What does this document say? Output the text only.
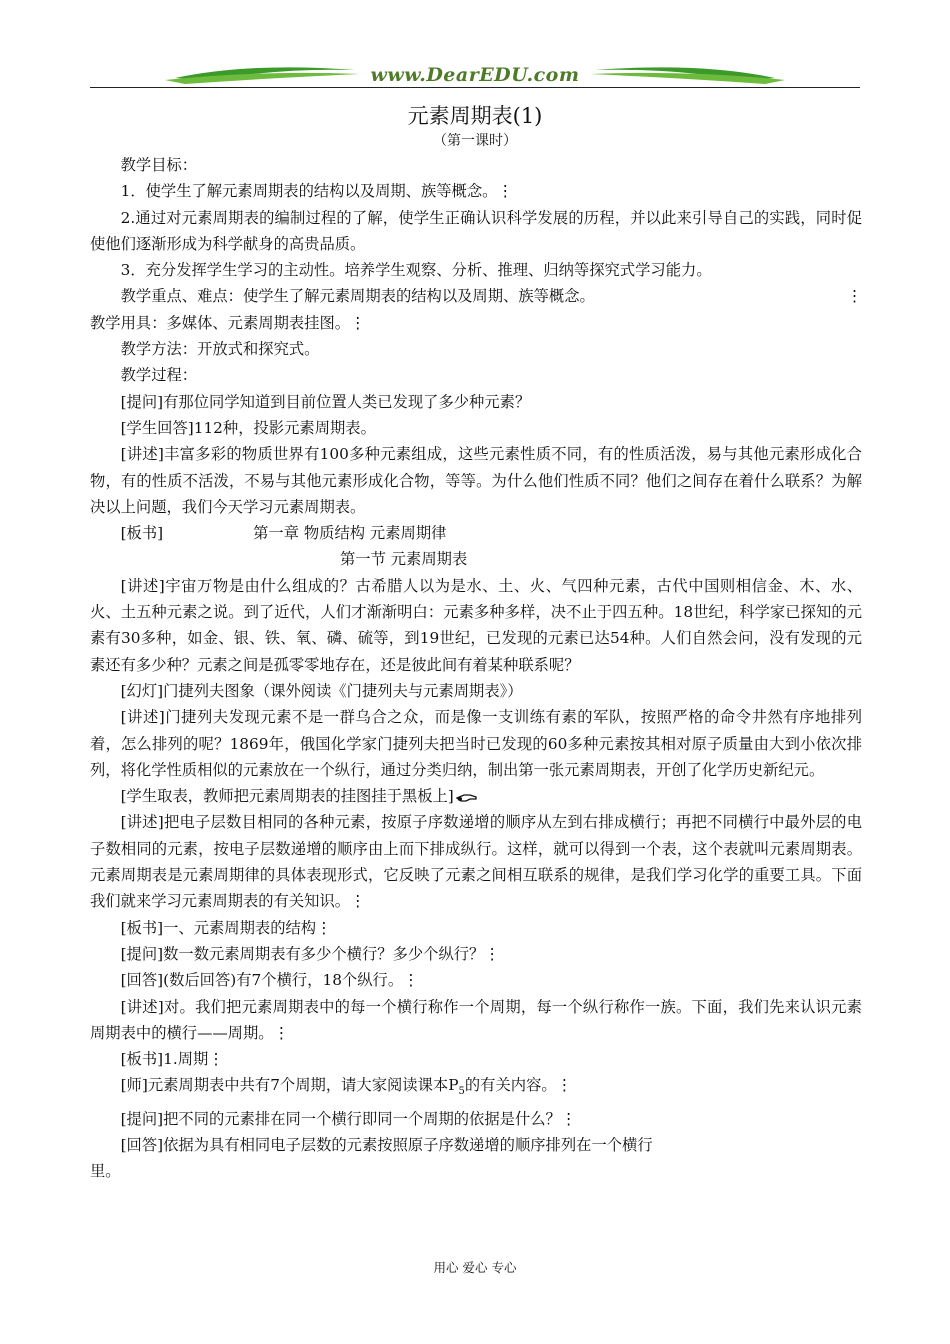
www.DearEDU.com
元素周期表(1)
（第一课时）

教学目标：

1．使学生了解元素周期表的结构以及周期、族等概念。⋮

2.通过对元素周期表的编制过程的了解，使学生正确认识科学发展的历程，并以此来引导自己的实践，同时促使他们逐渐形成为科学献身的高贵品质。

3．充分发挥学生学习的主动性。培养学生观察、分析、推理、归纳等探究式学习能力。

教学重点、难点：使学生了解元素周期表的结构以及周期、族等概念。	⋮

教学用具：多媒体、元素周期表挂图。⋮

教学方法：开放式和探究式。

教学过程：

[提问]有那位同学知道到目前位置人类已发现了多少种元素？

[学生回答]112种，投影元素周期表。

[讲述]丰富多彩的物质世界有100多种元素组成，这些元素性质不同，有的性质活泼，易与其他元素形成化合物，有的性质不活泼，不易与其他元素形成化合物，等等。为什么他们性质不同？他们之间存在着什么联系？为解决以上问题，我们今天学习元素周期表。

[板书]	第一章 物质结构 元素周期律

第一节 元素周期表

[讲述]宇宙万物是由什么组成的？古希腊人以为是水、土、火、气四种元素，古代中国则相信金、木、水、火、土五种元素之说。到了近代，人们才渐渐明白：元素多种多样，决不止于四五种。18世纪，科学家已探知的元素有30多种，如金、银、铁、氧、磷、硫等，到19世纪，已发现的元素已达54种。人们自然会问，没有发现的元素还有多少种？元素之间是孤零零地存在，还是彼此间有着某种联系呢？

[幻灯]门捷列夫图象（课外阅读《门捷列夫与元素周期表》）

[讲述]门捷列夫发现元素不是一群乌合之众，而是像一支训练有素的军队，按照严格的命令井然有序地排列着，怎么排列的呢？1869年，俄国化学家门捷列夫把当时已发现的60多种元素按其相对原子质量由大到小依次排列，将化学性质相似的元素放在一个纵行，通过分类归纳，制出第一张元素周期表，开创了化学历史新纪元。

[学生取表，教师把元素周期表的挂图挂于黑板上]

[讲述]把电子层数目相同的各种元素，按原子序数递增的顺序从左到右排成横行；再把不同横行中最外层的电子数相同的元素，按电子层数递增的顺序由上而下排成纵行。这样，就可以得到一个表，这个表就叫元素周期表。元素周期表是元素周期律的具体表现形式，它反映了元素之间相互联系的规律，是我们学习化学的重要工具。下面我们就来学习元素周期表的有关知识。⋮

[板书]一、元素周期表的结构⋮

[提问]数一数元素周期表有多少个横行？多少个纵行？⋮

[回答](数后回答)有7个横行，18个纵行。⋮

[讲述]对。我们把元素周期表中的每一个横行称作一个周期，每一个纵行称作一族。下面，我们先来认识元素周期表中的横行——周期。⋮

[板书]1.周期⋮

[师]元素周期表中共有7个周期，请大家阅读课本$P_5$的有关内容。⋮

[提问]把不同的元素排在同一个横行即同一个周期的依据是什么？⋮

[回答]依据为具有相同电子层数的元素按照原子序数递增的顺序排列在一个横行

里。

用心 爱心 专心
